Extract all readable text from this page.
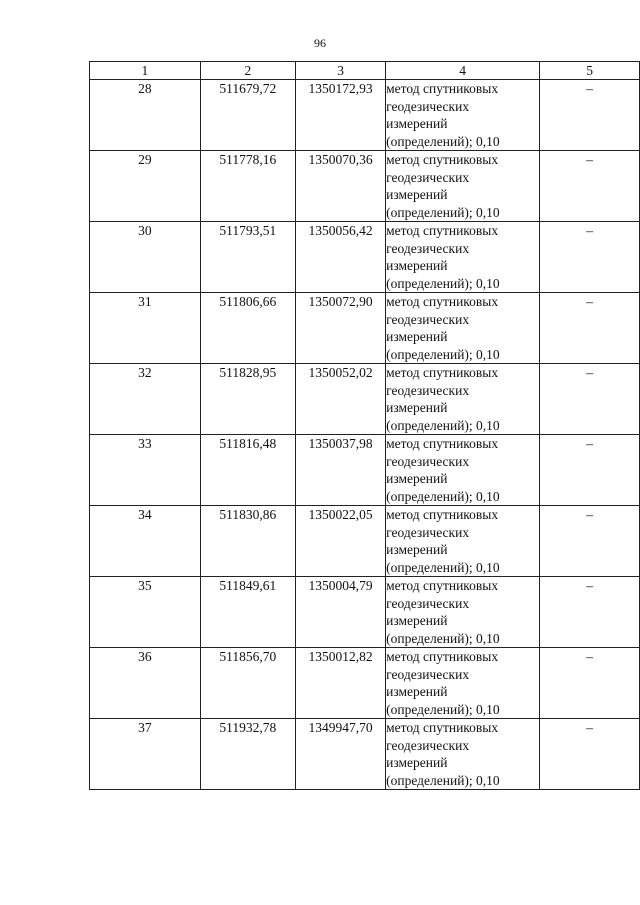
96
1	2	3	4	5
28	511679,72	1350172,93	метод спутниковых
геодезических
измерений
(определений); 0,10	–
29	511778,16	1350070,36	метод спутниковых
геодезических
измерений
(определений); 0,10	–
30	511793,51	1350056,42	метод спутниковых
геодезических
измерений
(определений); 0,10	–
31	511806,66	1350072,90	метод спутниковых
геодезических
измерений
(определений); 0,10	–
32	511828,95	1350052,02	метод спутниковых
геодезических
измерений
(определений); 0,10	–
33	511816,48	1350037,98	метод спутниковых
геодезических
измерений
(определений); 0,10	–
34	511830,86	1350022,05	метод спутниковых
геодезических
измерений
(определений); 0,10	–
35	511849,61	1350004,79	метод спутниковых
геодезических
измерений
(определений); 0,10	–
36	511856,70	1350012,82	метод спутниковых
геодезических
измерений
(определений); 0,10	–
37	511932,78	1349947,70	метод спутниковых
геодезических
измерений
(определений); 0,10	–
